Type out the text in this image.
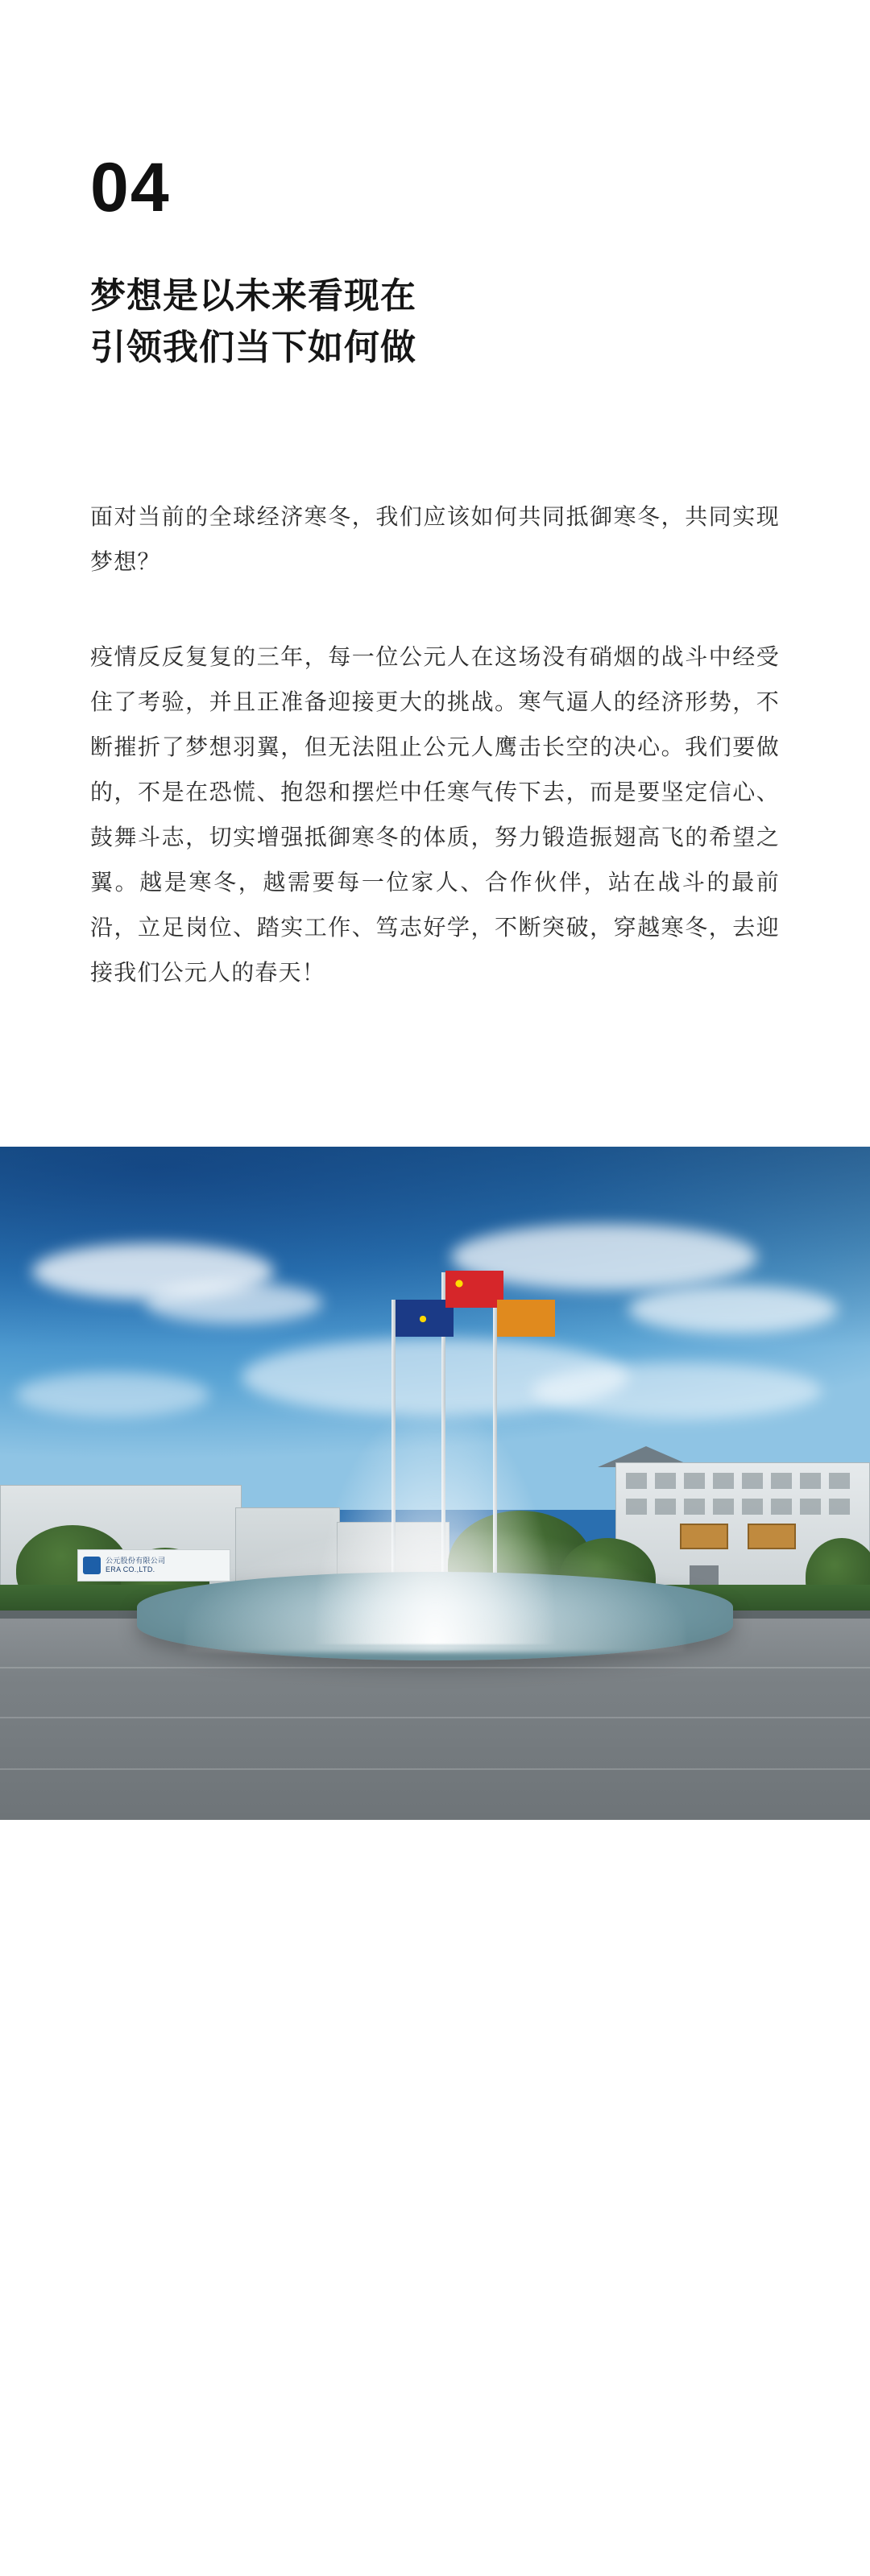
04
梦想是以未来看现在
引领我们当下如何做

面对当前的全球经济寒冬，我们应该如何共同抵御寒冬，共同实现梦想？

疫情反反复复的三年，每一位公元人在这场没有硝烟的战斗中经受住了考验，并且正准备迎接更大的挑战。寒气逼人的经济形势，不断摧折了梦想羽翼，但无法阻止公元人鹰击长空的决心。我们要做的，不是在恐慌、抱怨和摆烂中任寒气传下去，而是要坚定信心、鼓舞斗志，切实增强抵御寒冬的体质，努力锻造振翅高飞的希望之翼。越是寒冬，越需要每一位家人、合作伙伴，站在战斗的最前沿，立足岗位、踏实工作、笃志好学，不断突破，穿越寒冬，去迎接我们公元人的春天！

公元股份有限公司
ERA CO.,LTD.
